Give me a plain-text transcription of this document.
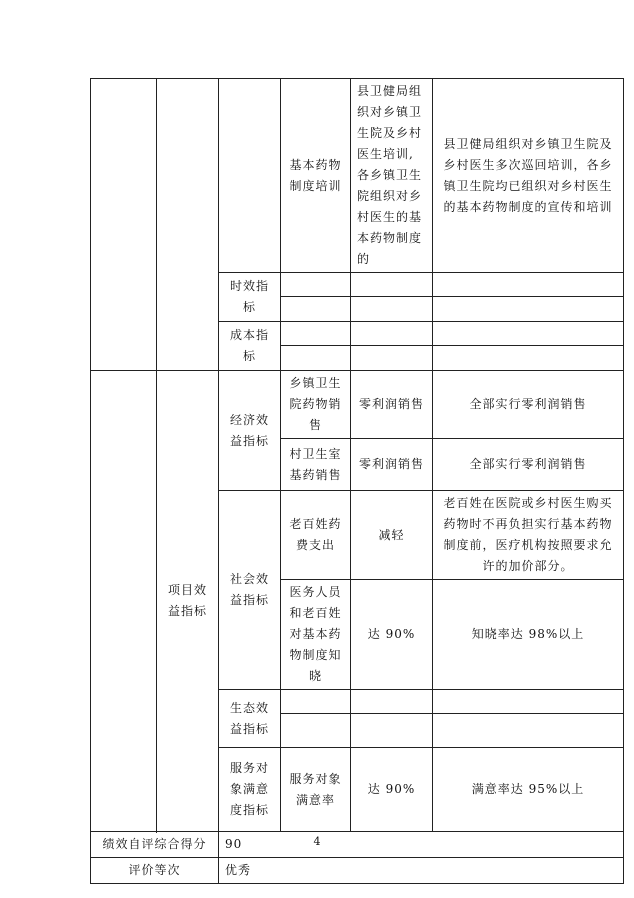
			基本药物制度培训	县卫健局组织对乡镇卫生院及乡村医生培训,各乡镇卫生院组织对乡村医生的基本药物制度的	县卫健局组织对乡镇卫生院及乡村医生多次巡回培训，各乡镇卫生院均已组织对乡村医生的基本药物制度的宣传和培训
		时效指标			

		成本指标			

	项目效益指标	经济效益指标	乡镇卫生院药物销售	零利润销售	全部实行零利润销售
			村卫生室基药销售	零利润销售	全部实行零利润销售
		社会效益指标	老百姓药费支出	减轻	老百姓在医院或乡村医生购买药物时不再负担实行基本药物制度前，医疗机构按照要求允许的加价部分。
			医务人员和老百姓对基本药物制度知晓	达 90%	知晓率达 98%以上
		生态效益指标			

		服务对象满意度指标	服务对象满意率	达 90%	满意率达 95%以上

绩效自评综合得分		90			
评价等次		优秀			
4
